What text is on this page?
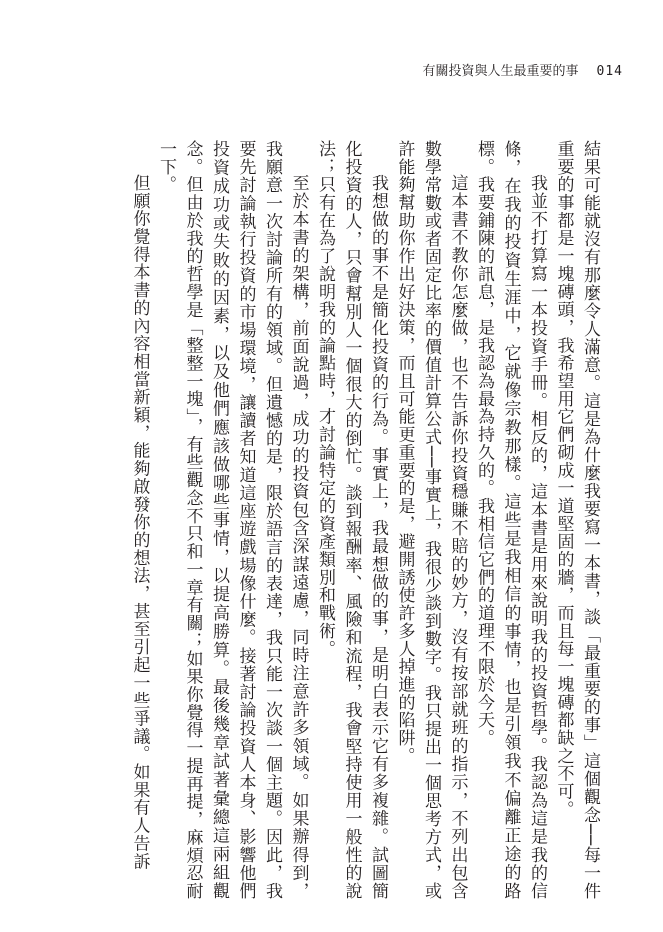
有關投資與人生最重要的事 014

結果可能就沒有那麼令人滿意。這是為什麼我要寫一本書，談「最重要的事」這個觀念──每一件重要的事都是一塊磚頭，我希望用它們砌成一道堅固的牆，而且每一塊磚都缺之不可。

我並不打算寫一本投資手冊。相反的，這本書是用來說明我的投資哲學。我認為這是我的信條，在我的投資生涯中，它就像宗教那樣。這些是我相信的事情，也是引領我不偏離正途的路標。我要鋪陳的訊息，是我認為最為持久的。我相信它們的道理不限於今天。

這本書不教你怎麼做，也不告訴你投資穩賺不賠的妙方，沒有按部就班的指示，不列出包含數學常數或者固定比率的價值計算公式──事實上，我很少談到數字。我只提出一個思考方式，或許能夠幫助你作出好決策，而且可能更重要的是，避開誘使許多人掉進的陷阱。

我想做的事不是簡化投資的行為。事實上，我最想做的事，是明白表示它有多複雜。試圖簡化投資的人，只會幫別人一個很大的倒忙。談到報酬率、風險和流程，我會堅持使用一般性的說法；只有在為了說明我的論點時，才討論特定的資產類別和戰術。

至於本書的架構，前面說過，成功的投資包含深謀遠慮，同時注意許多領域。如果辦得到，我願意一次討論所有的領域。但遺憾的是，限於語言的表達，我只能一次談一個主題。因此，我要先討論執行投資的市場環境，讓讀者知道這座遊戲場像什麼。接著討論投資人本身、影響他們投資成功或失敗的因素，以及他們應該做哪些事情，以提高勝算。最後幾章試著彙總這兩組觀念。但由於我的哲學是「整整一塊」，有些觀念不只和一章有關；如果你覺得一提再提，麻煩忍耐一下。

但願你覺得本書的內容相當新穎，能夠啟發你的想法，甚至引起一些爭議。如果有人告訴
